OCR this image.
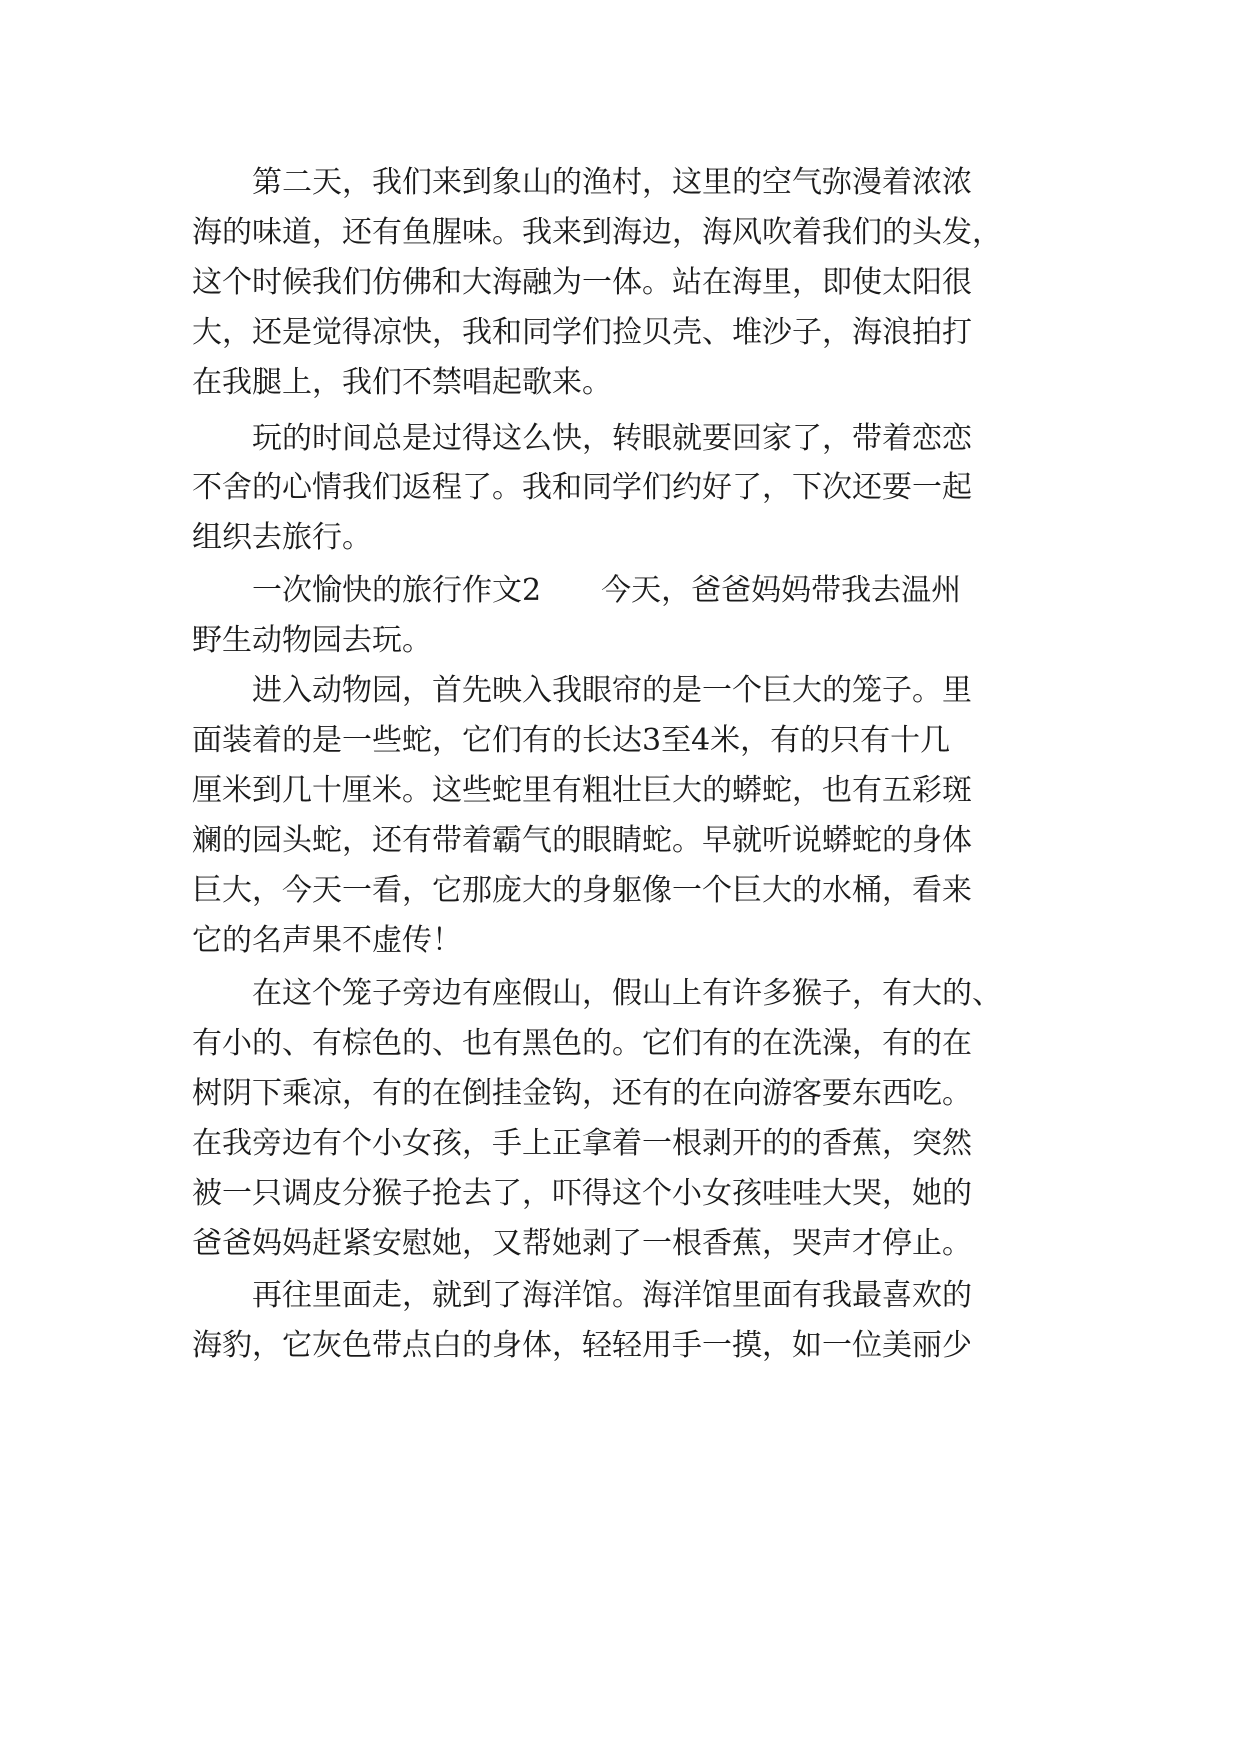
第二天，我们来到象山的渔村，这里的空气弥漫着浓浓
海的味道，还有鱼腥味。我来到海边，海风吹着我们的头发，
这个时候我们仿佛和大海融为一体。站在海里，即使太阳很
大，还是觉得凉快，我和同学们捡贝壳、堆沙子，海浪拍打
在我腿上，我们不禁唱起歌来。
玩的时间总是过得这么快，转眼就要回家了，带着恋恋
不舍的心情我们返程了。我和同学们约好了，下次还要一起
组织去旅行。
一次愉快的旅行作文2　　今天，爸爸妈妈带我去温州
野生动物园去玩。
进入动物园，首先映入我眼帘的是一个巨大的笼子。里
面装着的是一些蛇，它们有的长达3至4米，有的只有十几
厘米到几十厘米。这些蛇里有粗壮巨大的蟒蛇，也有五彩斑
斓的园头蛇，还有带着霸气的眼睛蛇。早就听说蟒蛇的身体
巨大，今天一看，它那庞大的身躯像一个巨大的水桶，看来
它的名声果不虚传！
在这个笼子旁边有座假山，假山上有许多猴子，有大的、
有小的、有棕色的、也有黑色的。它们有的在洗澡，有的在
树阴下乘凉，有的在倒挂金钩，还有的在向游客要东西吃。
在我旁边有个小女孩，手上正拿着一根剥开的的香蕉，突然
被一只调皮分猴子抢去了，吓得这个小女孩哇哇大哭，她的
爸爸妈妈赶紧安慰她，又帮她剥了一根香蕉，哭声才停止。
再往里面走，就到了海洋馆。海洋馆里面有我最喜欢的
海豹，它灰色带点白的身体，轻轻用手一摸，如一位美丽少
